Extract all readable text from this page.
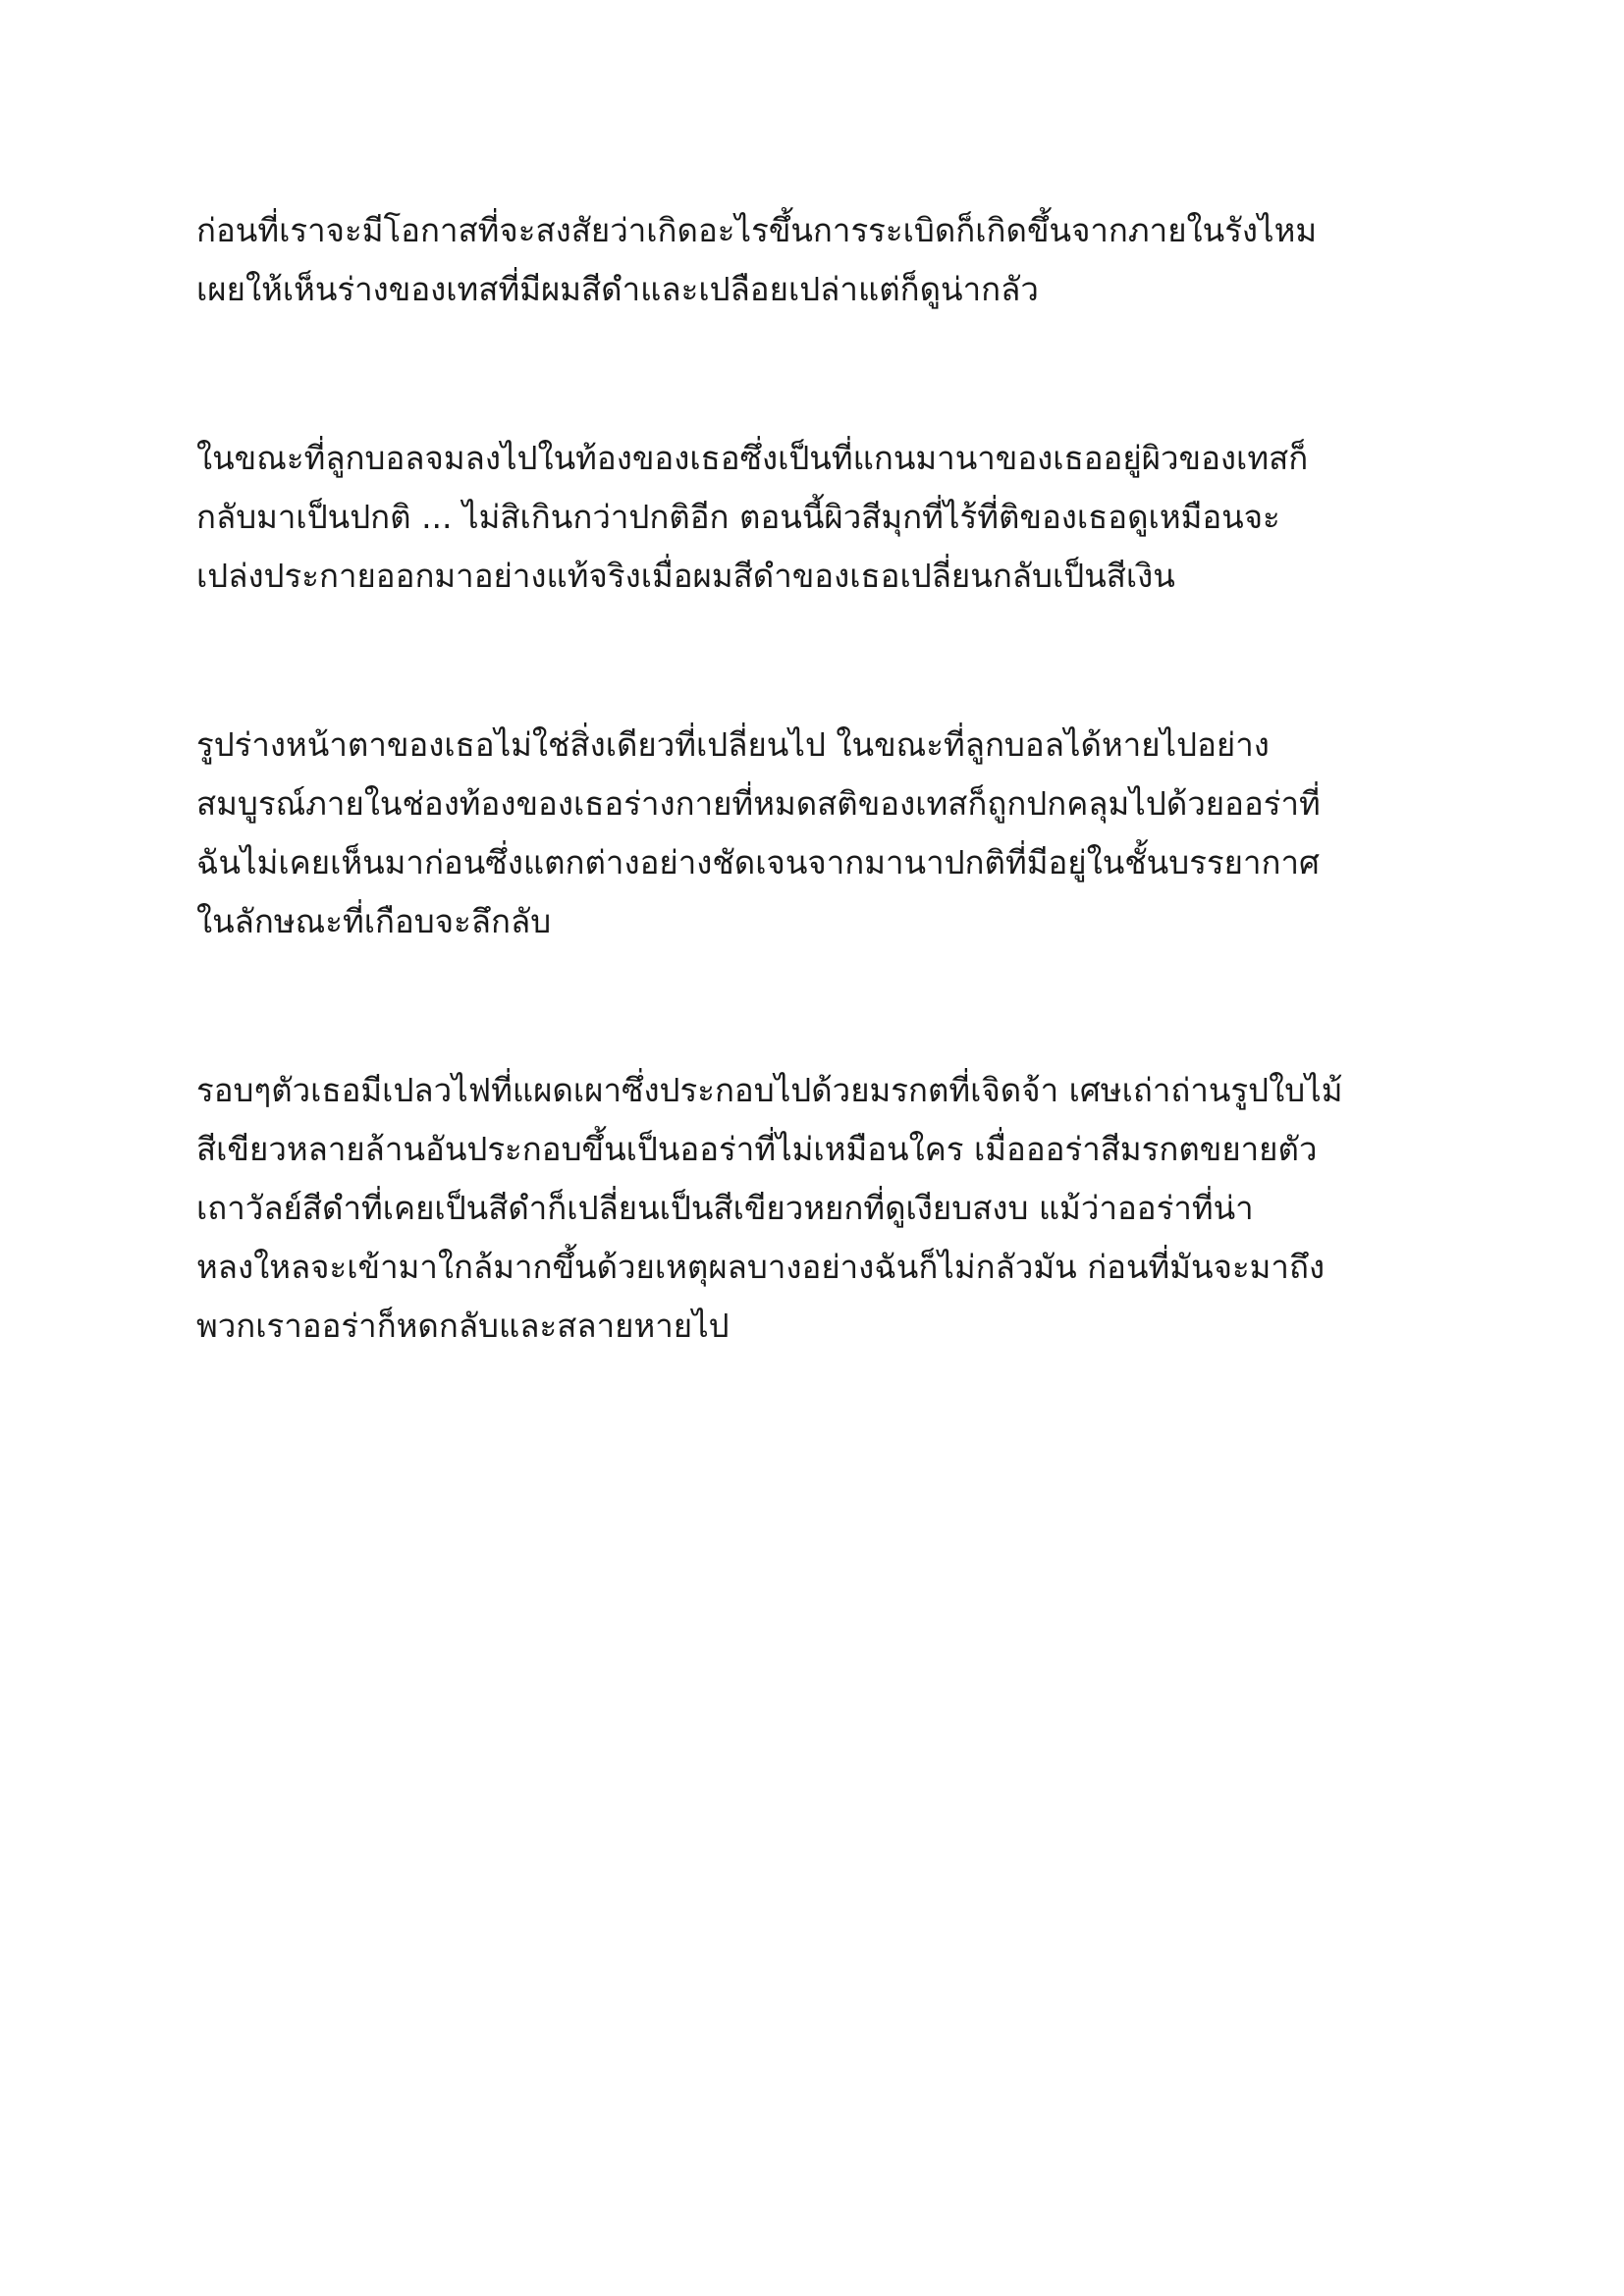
ก่อนที่เราจะมีโอกาสที่จะสงสัยว่าเกิดอะไรขึ้นการระเบิดก็เกิดขึ้นจากภายในรังไหม
เผยให้เห็นร่างของเทสที่มีผมสีดำและเปลือยเปล่าแต่ก็ดูน่ากลัว
ในขณะที่ลูกบอลจมลงไปในท้องของเธอซึ่งเป็นที่แกนมานาของเธออยู่ผิวของเทสก็
กลับมาเป็นปกติ ... ไม่สิเกินกว่าปกติอีก ตอนนี้ผิวสีมุกที่ไร้ที่ติของเธอดูเหมือนจะ
เปล่งประกายออกมาอย่างแท้จริงเมื่อผมสีดำของเธอเปลี่ยนกลับเป็นสีเงิน
รูปร่างหน้าตาของเธอไม่ใช่สิ่งเดียวที่เปลี่ยนไป ในขณะที่ลูกบอลได้หายไปอย่าง
สมบูรณ์ภายในช่องท้องของเธอร่างกายที่หมดสติของเทสก็ถูกปกคลุมไปด้วยออร่าที่
ฉันไม่เคยเห็นมาก่อนซึ่งแตกต่างอย่างชัดเจนจากมานาปกติที่มีอยู่ในชั้นบรรยากาศ
ในลักษณะที่เกือบจะลึกลับ
รอบๆตัวเธอมีเปลวไฟที่แผดเผาซึ่งประกอบไปด้วยมรกตที่เจิดจ้า เศษเถ่าถ่านรูปใบไม้
สีเขียวหลายล้านอันประกอบขึ้นเป็นออร่าที่ไม่เหมือนใคร เมื่อออร่าสีมรกตขยายตัว
เถาวัลย์สีดำที่เคยเป็นสีดำก็เปลี่ยนเป็นสีเขียวหยกที่ดูเงียบสงบ แม้ว่าออร่าที่น่า
หลงใหลจะเข้ามาใกล้มากขึ้นด้วยเหตุผลบางอย่างฉันก็ไม่กลัวมัน ก่อนที่มันจะมาถึง
พวกเราออร่าก็หดกลับและสลายหายไป
